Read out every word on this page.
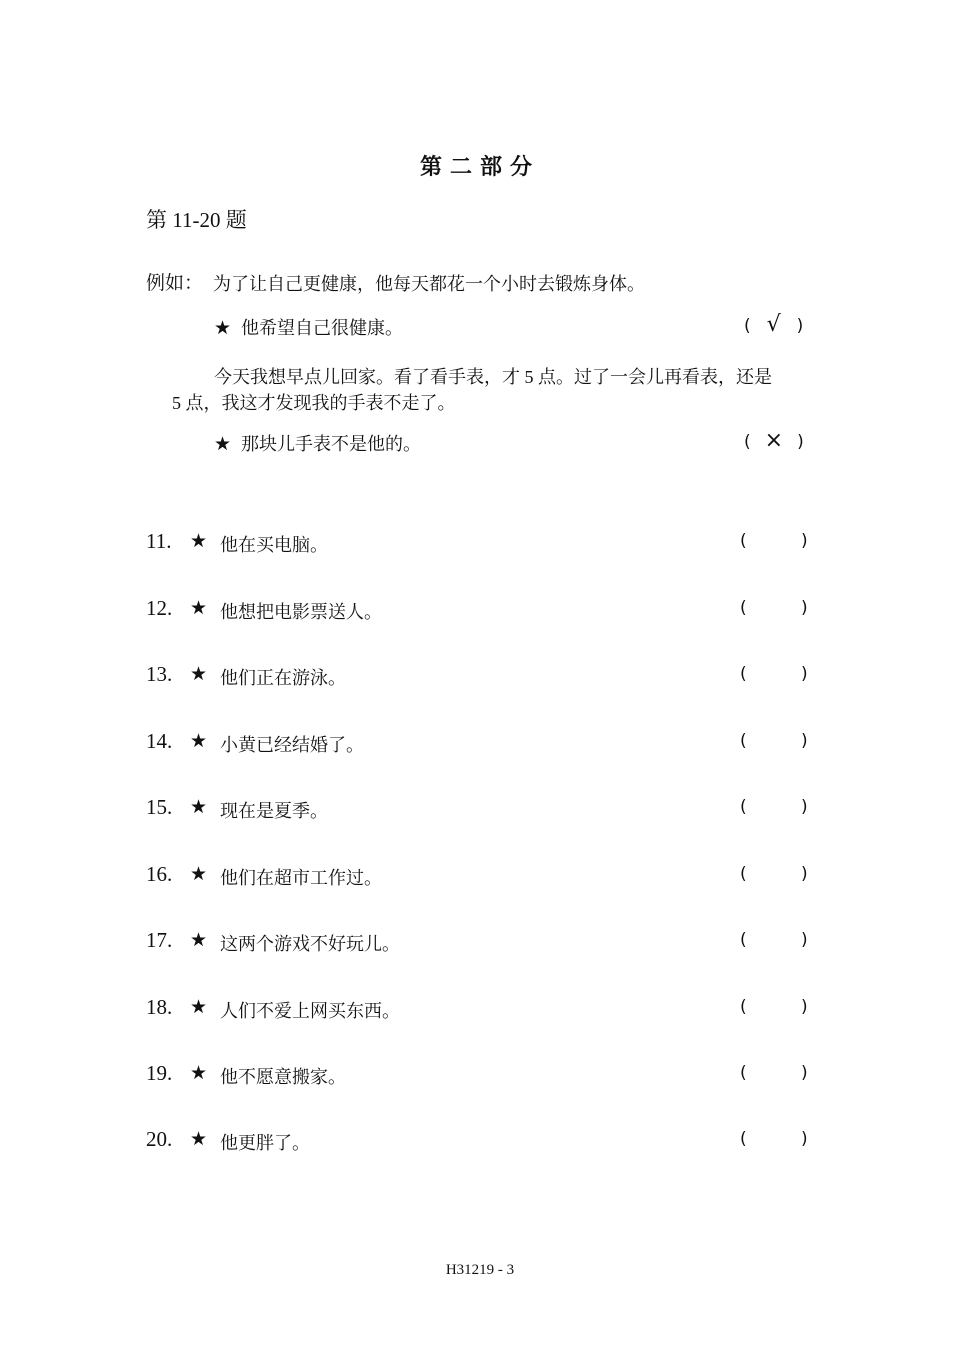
第二部分
第 11-20 题
例如： 为了让自己更健康，他每天都花一个小时去锻炼身体。
★ 他希望自己很健康。	( √ )
今天我想早点儿回家。看了看手表，才 5 点。过了一会儿再看表，还是
5 点，我这才发现我的手表不走了。
★ 那块儿手表不是他的。	( × )
11. ★ 他在买电脑。	(	)
12. ★ 他想把电影票送人。	(	)
13. ★ 他们正在游泳。	(	)
14. ★ 小黄已经结婚了。	(	)
15. ★ 现在是夏季。	(	)
16. ★ 他们在超市工作过。	(	)
17. ★ 这两个游戏不好玩儿。	(	)
18. ★ 人们不爱上网买东西。	(	)
19. ★ 他不愿意搬家。	(	)
20. ★ 他更胖了。	(	)
H31219 - 3
